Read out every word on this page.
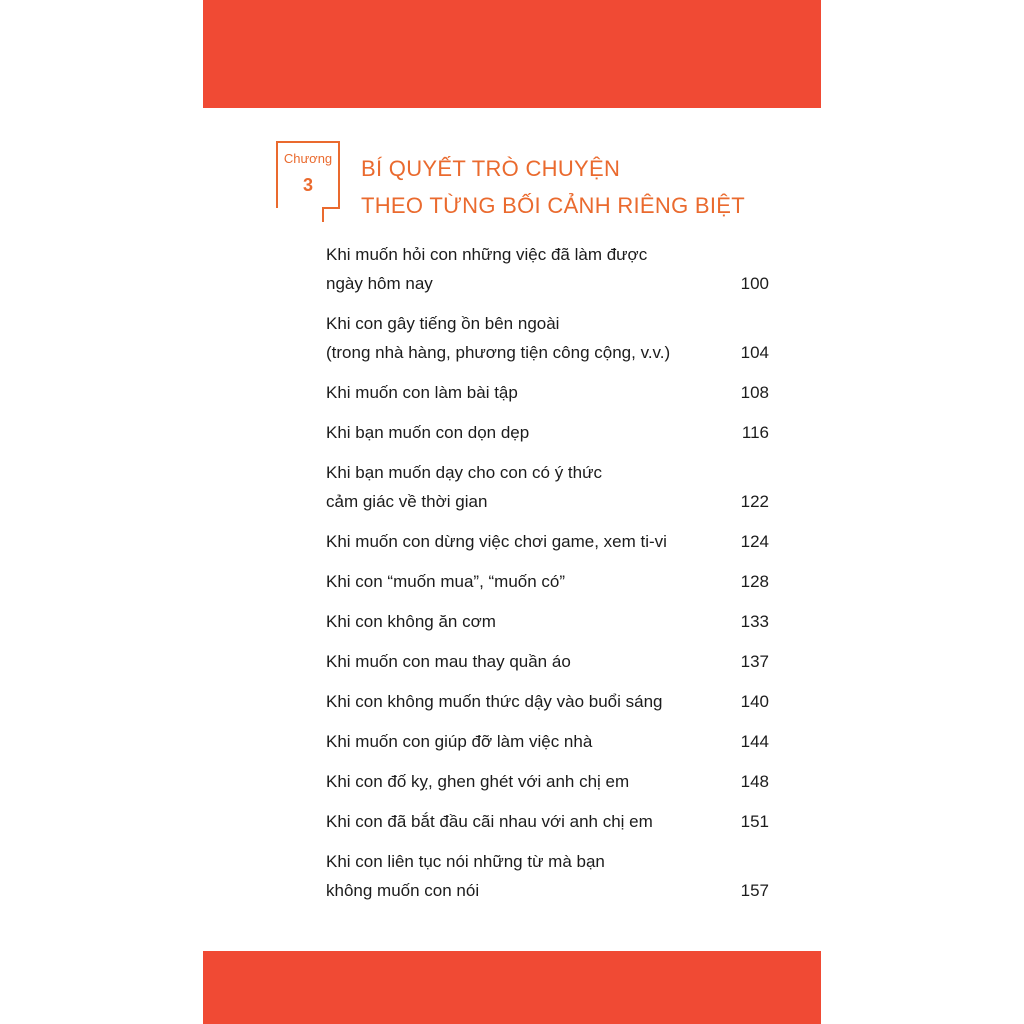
Chương
3
BÍ QUYẾT TRÒ CHUYỆN
THEO TỪNG BỐI CẢNH RIÊNG BIỆT
Khi muốn hỏi con những việc đã làm được
ngày hôm nay	100
Khi con gây tiếng ồn bên ngoài
(trong nhà hàng, phương tiện công cộng, v.v.)	104
Khi muốn con làm bài tập	108
Khi bạn muốn con dọn dẹp	116
Khi bạn muốn dạy cho con có ý thức
cảm giác về thời gian	122
Khi muốn con dừng việc chơi game, xem ti-vi	124
Khi con “muốn mua”, “muốn có”	128
Khi con không ăn cơm	133
Khi muốn con mau thay quần áo	137
Khi con không muốn thức dậy vào buổi sáng	140
Khi muốn con giúp đỡ làm việc nhà	144
Khi con đố kỵ, ghen ghét với anh chị em	148
Khi con đã bắt đầu cãi nhau với anh chị em	151
Khi con liên tục nói những từ mà bạn
không muốn con nói	157
